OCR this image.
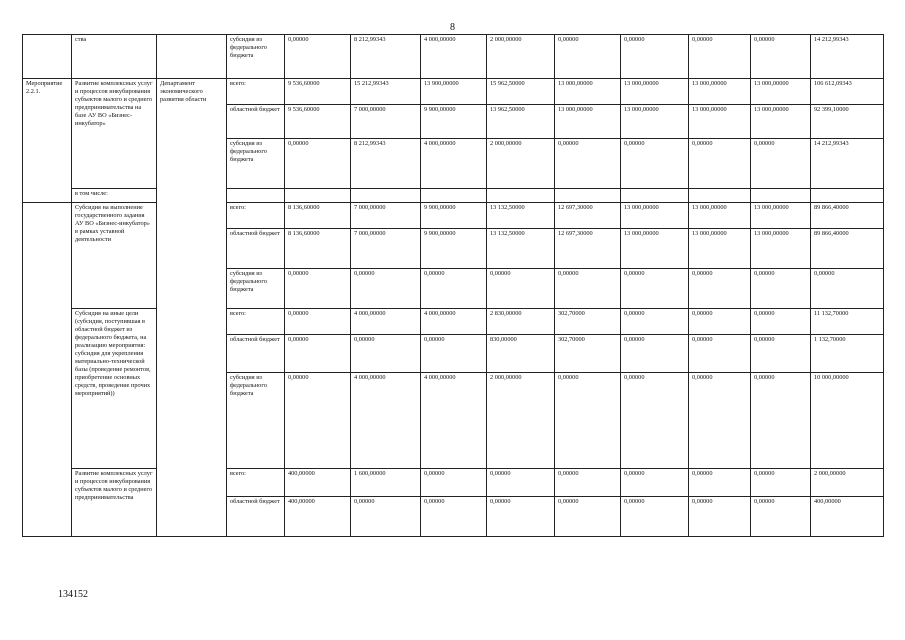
8
	ства		субсидия из федерального бюджета	0,00000	8 212,99343	4 000,00000	2 000,00000	0,00000	0,00000	0,00000	0,00000	14 212,99343
Мероприятие 2.2.1.	Развитие комплексных услуг и процессов инкубирования субъектов малого и среднего предпринимательства на базе АУ ВО «Бизнес-инкубатор»	Департамент экономического развития области	всего:	9 536,60000	15 212,99343	13 900,00000	15 962,50000	13 000,00000	13 000,00000	13 000,00000	13 000,00000	106 612,09343
			областной бюджет	9 536,60000	7 000,00000	9 900,00000	13 962,50000	13 000,00000	13 000,00000	13 000,00000	13 000,00000	92 399,10000
			субсидия из федерального бюджета	0,00000	8 212,99343	4 000,00000	2 000,00000	0,00000	0,00000	0,00000	0,00000	14 212,99343
	в том числе:											
	Субсидия на выполнение государственного задания АУ ВО «Бизнес-инкубатор» в рамках уставной деятельности		всего:	8 136,60000	7 000,00000	9 900,00000	13 132,50000	12 697,30000	13 000,00000	13 000,00000	13 000,00000	89 866,40000
			областной бюджет	8 136,60000	7 000,00000	9 900,00000	13 132,50000	12 697,30000	13 000,00000	13 000,00000	13 000,00000	89 866,40000
			субсидия из федерального бюджета	0,00000	0,00000	0,00000	0,00000	0,00000	0,00000	0,00000	0,00000	0,00000
	Субсидия на иные цели (субсидия, поступившая в областной бюджет из федерального бюджета, на реализацию мероприятия: субсидия для укрепления материально-технической базы (проведение ремонтов, приобретение основных средств, проведение прочих мероприятий))		всего:	0,00000	4 000,00000	4 000,00000	2 830,00000	302,70000	0,00000	0,00000	0,00000	11 132,70000
			областной бюджет	0,00000	0,00000	0,00000	830,00000	302,70000	0,00000	0,00000	0,00000	1 132,70000
			субсидия из федерального бюджета	0,00000	4 000,00000	4 000,00000	2 000,00000	0,00000	0,00000	0,00000	0,00000	10 000,00000
	Развитие комплексных услуг и процессов инкубирования субъектов малого и среднего предпринимательства		всего:	400,00000	1 600,00000	0,00000	0,00000	0,00000	0,00000	0,00000	0,00000	2 000,00000
			областной бюджет	400,00000	0,00000	0,00000	0,00000	0,00000	0,00000	0,00000	0,00000	400,00000
134152
